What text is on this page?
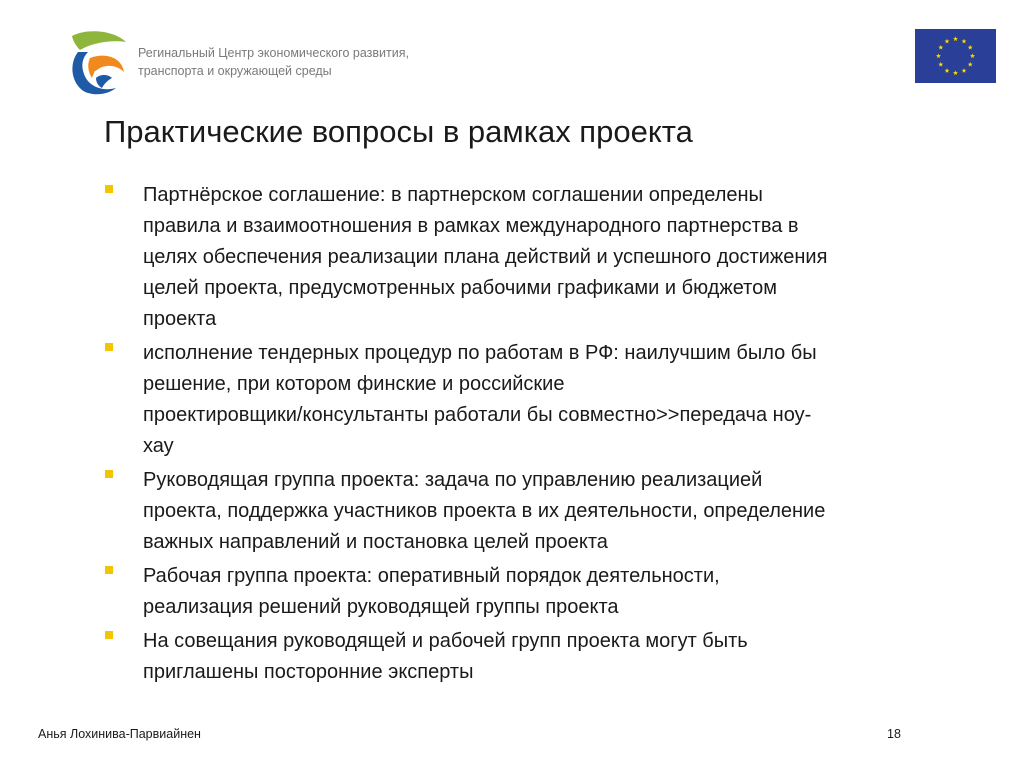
Регинальный Центр экономического развития,
транспорта и окружающей среды
Практические вопросы в рамках проекта
Партнёрское соглашение: в партнерском соглашении определены
правила и взаимоотношения в рамках международного партнерства в
целях обеспечения реализации плана действий и успешного достижения
целей проекта, предусмотренных рабочими графиками и бюджетом
проекта
исполнение тендерных процедур по работам в РФ: наилучшим было бы
решение, при котором финские и российские
проектировщики/консультанты работали бы совместно>>передача ноу-
хау
Руководящая группа проекта: задача по управлению реализацией
проекта, поддержка участников проекта в их деятельности, определение
важных направлений и постановка целей проекта
Рабочая группа проекта: оперативный порядок деятельности,
реализация решений руководящей группы проекта
На совещания руководящей и рабочей групп проекта могут быть
приглашены посторонние эксперты
Анья Лохинива-Парвиайнен	18
